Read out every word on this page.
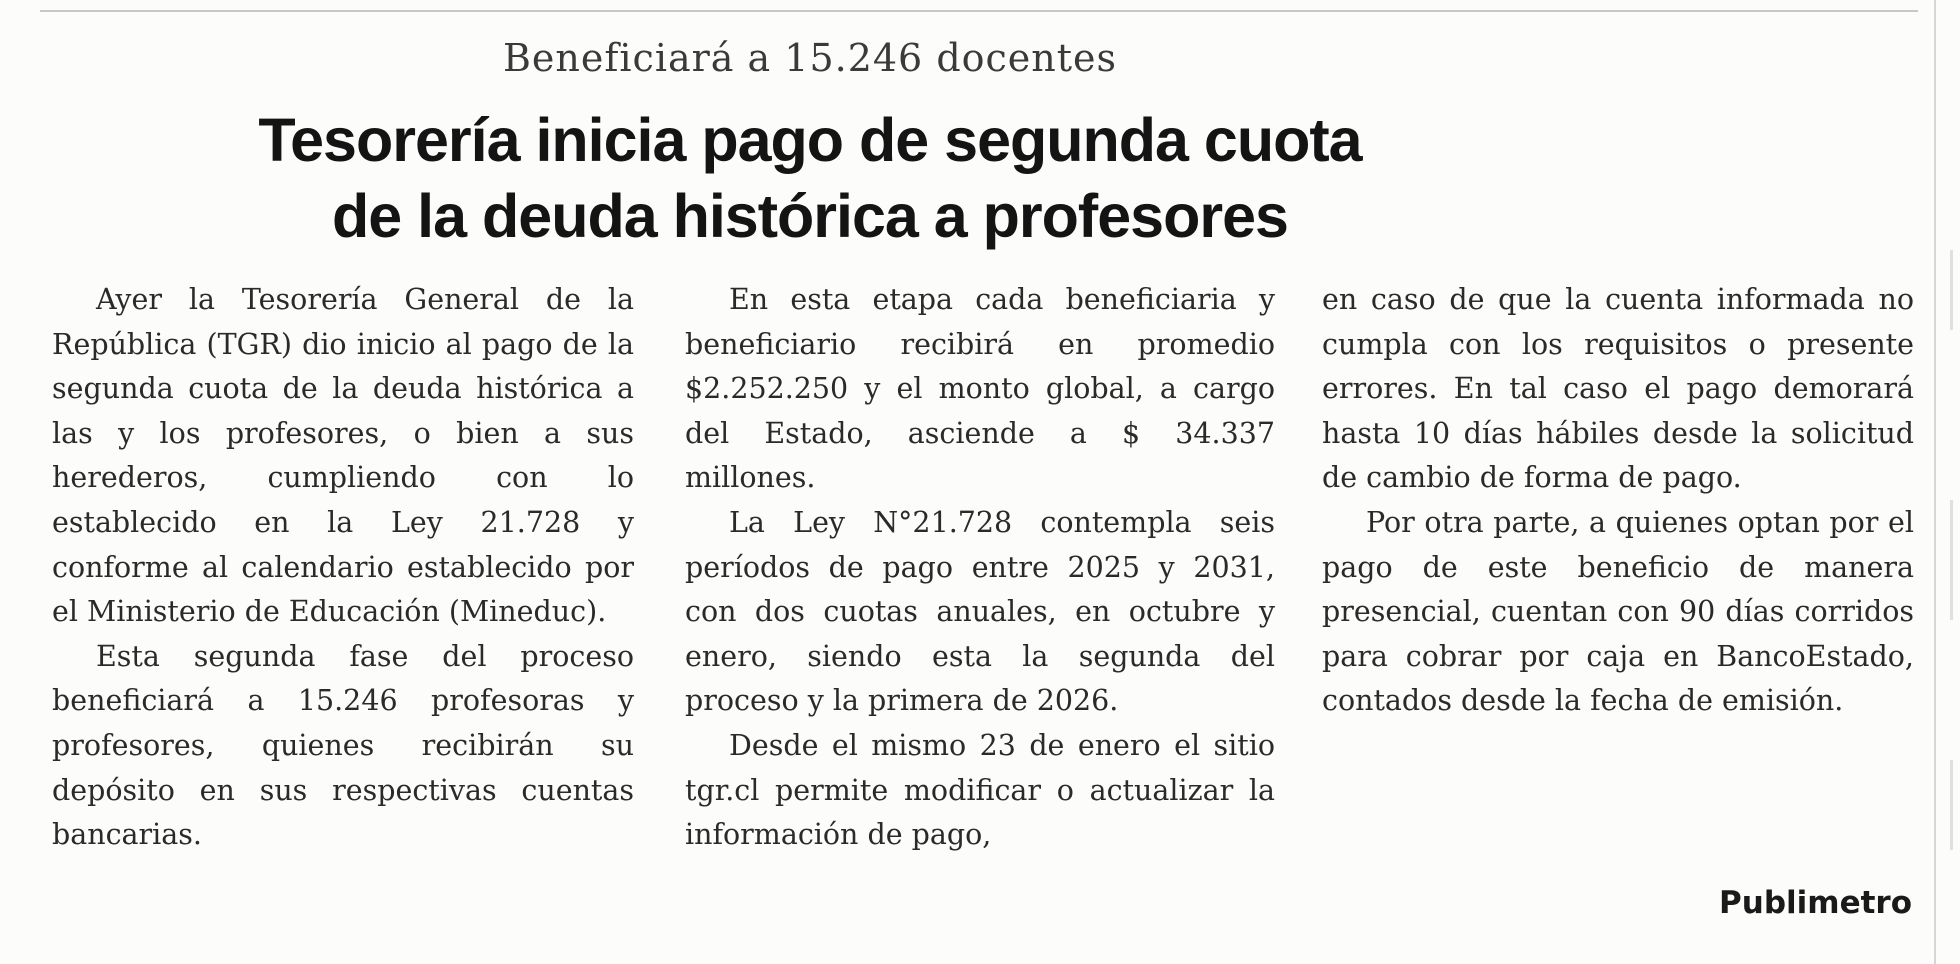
Beneficiará a 15.246 docentes
Tesorería inicia pago de segunda cuota
de la deuda histórica a profesores

Ayer la Tesorería General de la República (TGR) dio inicio al pago de la segunda cuota de la deuda histórica a las y los profesores, o bien a sus herederos, cumpliendo con lo establecido en la Ley 21.728 y conforme al calendario establecido por el Ministerio de Educación (Mineduc).

Esta segunda fase del proceso beneficiará a 15.246 profesoras y profesores, quienes recibirán su depósito en sus respectivas cuentas bancarias.

En esta etapa cada beneficiaria y beneficiario recibirá en promedio $2.252.250 y el monto global, a cargo del Estado, asciende a $ 34.337 millones.

La Ley N°21.728 contempla seis períodos de pago entre 2025 y 2031, con dos cuotas anuales, en octubre y enero, siendo esta la segunda del proceso y la primera de 2026.

Desde el mismo 23 de enero el sitio tgr.cl permite modificar o actualizar la información de pago,

en caso de que la cuenta informada no cumpla con los requisitos o presente errores. En tal caso el pago demorará hasta 10 días hábiles desde la solicitud de cambio de forma de pago.

Por otra parte, a quienes optan por el pago de este beneficio de manera presencial, cuentan con 90 días corridos para cobrar por caja en BancoEstado, contados desde la fecha de emisión.

Publimetro
